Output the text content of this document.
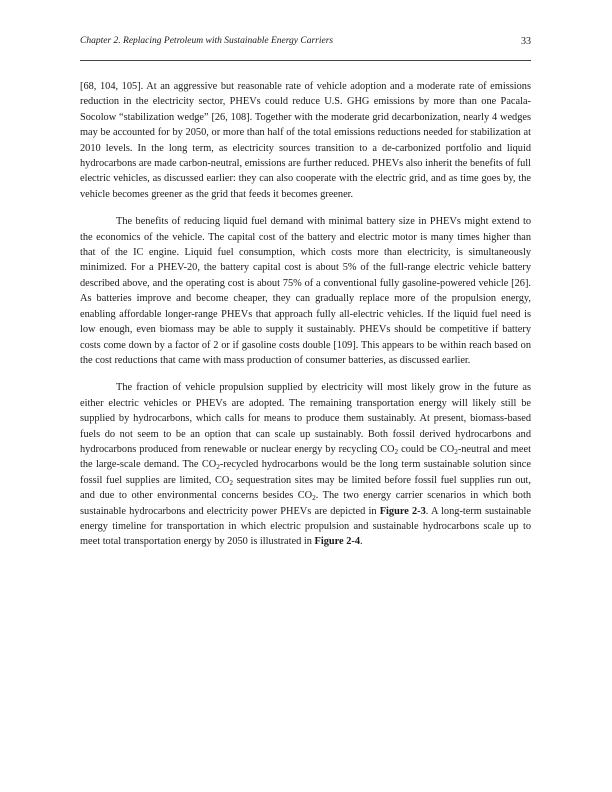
Chapter 2. Replacing Petroleum with Sustainable Energy Carriers	33

[68, 104, 105]. At an aggressive but reasonable rate of vehicle adoption and a moderate rate of emissions reduction in the electricity sector, PHEVs could reduce U.S. GHG emissions by more than one Pacala-Socolow “stabilization wedge” [26, 108]. Together with the moderate grid decarbonization, nearly 4 wedges may be accounted for by 2050, or more than half of the total emissions reductions needed for stabilization at 2010 levels. In the long term, as electricity sources transition to a de-carbonized portfolio and liquid hydrocarbons are made carbon-neutral, emissions are further reduced. PHEVs also inherit the benefits of full electric vehicles, as discussed earlier: they can also cooperate with the electric grid, and as time goes by, the vehicle becomes greener as the grid that feeds it becomes greener.

The benefits of reducing liquid fuel demand with minimal battery size in PHEVs might extend to the economics of the vehicle. The capital cost of the battery and electric motor is many times higher than that of the IC engine. Liquid fuel consumption, which costs more than electricity, is simultaneously minimized. For a PHEV-20, the battery capital cost is about 5% of the full-range electric vehicle battery described above, and the operating cost is about 75% of a conventional fully gasoline-powered vehicle [26]. As batteries improve and become cheaper, they can gradually replace more of the propulsion energy, enabling affordable longer-range PHEVs that approach fully all-electric vehicles. If the liquid fuel need is low enough, even biomass may be able to supply it sustainably. PHEVs should be competitive if battery costs come down by a factor of 2 or if gasoline costs double [109]. This appears to be within reach based on the cost reductions that came with mass production of consumer batteries, as discussed earlier.

The fraction of vehicle propulsion supplied by electricity will most likely grow in the future as either electric vehicles or PHEVs are adopted. The remaining transportation energy will likely still be supplied by hydrocarbons, which calls for means to produce them sustainably. At present, biomass-based fuels do not seem to be an option that can scale up sustainably. Both fossil derived hydrocarbons and hydrocarbons produced from renewable or nuclear energy by recycling $CO_2$ could be $CO_2$-neutral and meet the large-scale demand. The $CO_2$-recycled hydrocarbons would be the long term sustainable solution since fossil fuel supplies are limited, $CO_2$ sequestration sites may be limited before fossil fuel supplies run out, and due to other environmental concerns besides $CO_2$. The two energy carrier scenarios in which both sustainable hydrocarbons and electricity power PHEVs are depicted in Figure 2-3. A long-term sustainable energy timeline for transportation in which electric propulsion and sustainable hydrocarbons scale up to meet total transportation energy by 2050 is illustrated in Figure 2-4.
